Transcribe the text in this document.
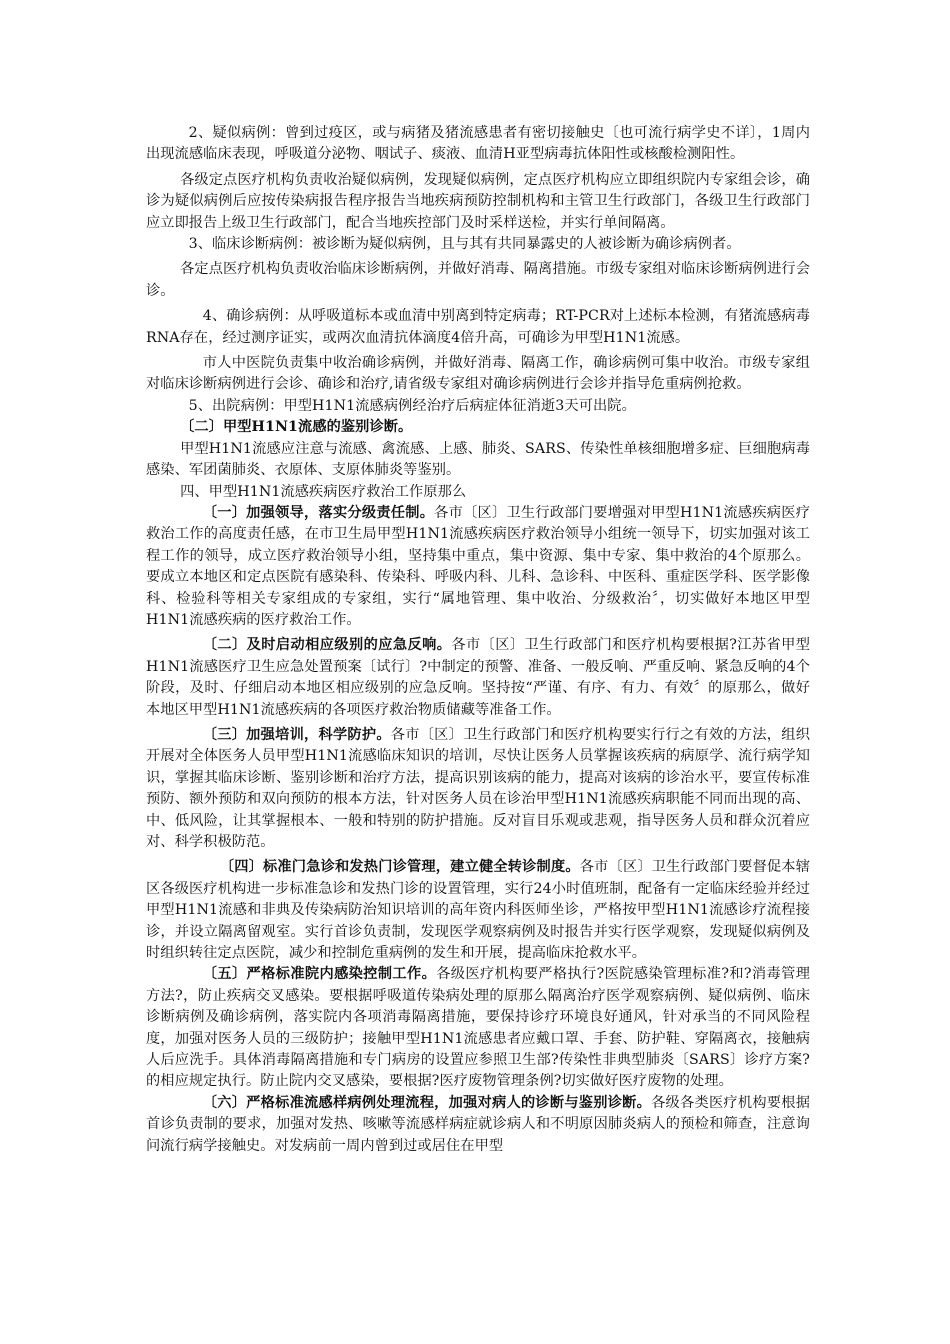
2、疑似病例：曾到过疫区，或与病猪及猪流感患者有密切接触史〔也可流行病学史不详〕，1周内出现流感临床表现，呼吸道分泌物、咽试子、痰液、血清H亚型病毒抗体阳性或核酸检测阳性。

各级定点医疗机构负责收治疑似病例，发现疑似病例，定点医疗机构应立即组织院内专家组会诊，确诊为疑似病例后应按传染病报告程序报告当地疾病预防控制机构和主管卫生行政部门，各级卫生行政部门应立即报告上级卫生行政部门，配合当地疾控部门及时采样送检，并实行单间隔离。

3、临床诊断病例：被诊断为疑似病例，且与其有共同暴露史的人被诊断为确诊病例者。

各定点医疗机构负责收治临床诊断病例，并做好消毒、隔离措施。市级专家组对临床诊断病例进行会诊。

4、确诊病例：从呼吸道标本或血清中别离到特定病毒；RT-PCR对上述标本检测，有猪流感病毒RNA存在，经过测序证实，或两次血清抗体滴度4倍升高，可确诊为甲型H1N1流感。

市人中医院负责集中收治确诊病例，并做好消毒、隔离工作，确诊病例可集中收治。市级专家组对临床诊断病例进行会诊、确诊和治疗,请省级专家组对确诊病例进行会诊并指导危重病例抢救。

5、出院病例：甲型H1N1流感病例经治疗后病症体征消逝3天可出院。

〔二〕甲型H1N1流感的鉴别诊断。

甲型H1N1流感应注意与流感、禽流感、上感、肺炎、SARS、传染性单核细胞增多症、巨细胞病毒感染、军团菌肺炎、衣原体、支原体肺炎等鉴别。

四、甲型H1N1流感疾病医疗救治工作原那么

〔一〕加强领导，落实分级责任制。各市〔区〕卫生行政部门要增强对甲型H1N1流感疾病医疗救治工作的高度责任感，在市卫生局甲型H1N1流感疾病医疗救治领导小组统一领导下，切实加强对该工程工作的领导，成立医疗救治领导小组，坚持集中重点，集中资源、集中专家、集中救治的4个原那么。要成立本地区和定点医院有感染科、传染科、呼吸内科、儿科、急诊科、中医科、重症医学科、医学影像科、检验科等相关专家组成的专家组，实行“属地管理、集中收治、分级救治〞，切实做好本地区甲型H1N1流感疾病的医疗救治工作。

〔二〕及时启动相应级别的应急反响。各市〔区〕卫生行政部门和医疗机构要根据?江苏省甲型H1N1流感医疗卫生应急处置预案〔试行〕?中制定的预警、准备、一般反响、严重反响、紧急反响的4个阶段，及时、仔细启动本地区相应级别的应急反响。坚持按“严谨、有序、有力、有效〞的原那么，做好本地区甲型H1N1流感疾病的各项医疗救治物质储藏等准备工作。

〔三〕加强培训，科学防护。各市〔区〕卫生行政部门和医疗机构要实行行之有效的方法，组织开展对全体医务人员甲型H1N1流感临床知识的培训，尽快让医务人员掌握该疾病的病原学、流行病学知识，掌握其临床诊断、鉴别诊断和治疗方法，提高识别该病的能力，提高对该病的诊治水平，要宣传标准预防、额外预防和双向预防的根本方法，针对医务人员在诊治甲型H1N1流感疾病职能不同而出现的高、中、低风险，让其掌握根本、一般和特别的防护措施。反对盲目乐观或悲观，指导医务人员和群众沉着应对、科学积极防范。

〔四〕标准门急诊和发热门诊管理，建立健全转诊制度。各市〔区〕卫生行政部门要督促本辖区各级医疗机构进一步标准急诊和发热门诊的设置管理，实行24小时值班制，配备有一定临床经验并经过甲型H1N1流感和非典及传染病防治知识培训的高年资内科医师坐诊，严格按甲型H1N1流感诊疗流程接诊，并设立隔离留观室。实行首诊负责制，发现医学观察病例及时报告并实行医学观察，发现疑似病例及时组织转往定点医院，减少和控制危重病例的发生和开展，提高临床抢救水平。

〔五〕严格标准院内感染控制工作。各级医疗机构要严格执行?医院感染管理标准?和?消毒管理方法?，防止疾病交叉感染。要根据呼吸道传染病处理的原那么隔离治疗医学观察病例、疑似病例、临床诊断病例及确诊病例，落实院内各项消毒隔离措施，要保持诊疗环境良好通风，针对承当的不同风险程度，加强对医务人员的三级防护；接触甲型H1N1流感患者应戴口罩、手套、防护鞋、穿隔离衣，接触病人后应洗手。具体消毒隔离措施和专门病房的设置应参照卫生部?传染性非典型肺炎〔SARS〕诊疗方案?的相应规定执行。防止院内交叉感染，要根据?医疗废物管理条例?切实做好医疗废物的处理。

〔六〕严格标准流感样病例处理流程，加强对病人的诊断与鉴别诊断。各级各类医疗机构要根据首诊负责制的要求，加强对发热、咳嗽等流感样病症就诊病人和不明原因肺炎病人的预检和筛查，注意询问流行病学接触史。对发病前一周内曾到过或居住在甲型
